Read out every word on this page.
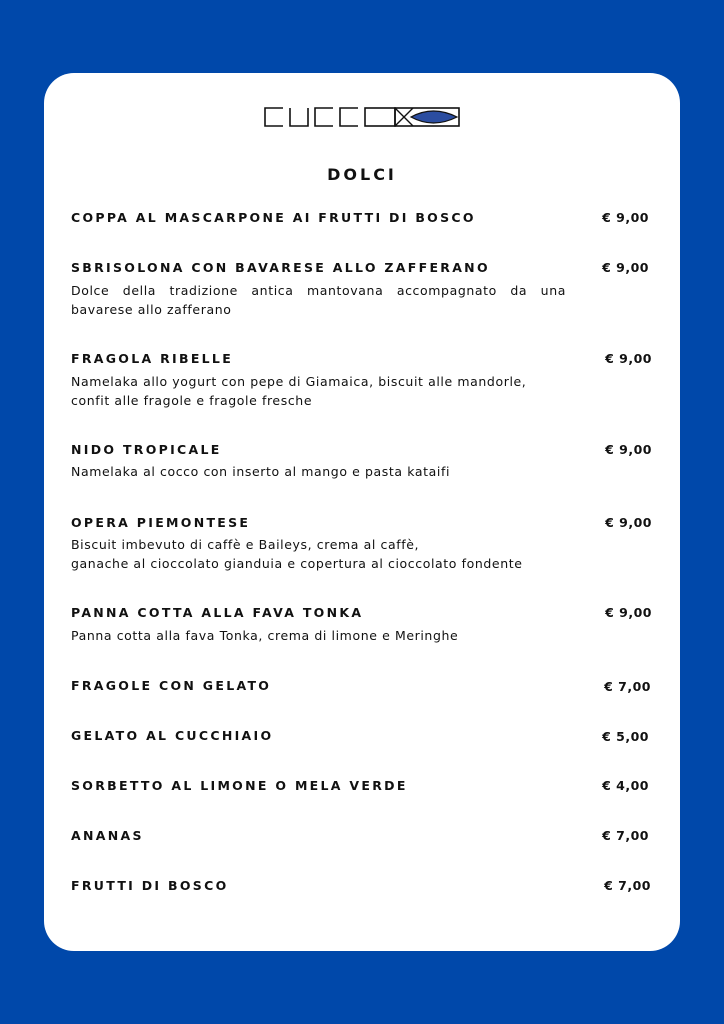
DOLCI
COPPA AL MASCARPONE AI FRUTTI DI BOSCO	€ 9,00
SBRISOLONA CON BAVARESE ALLO ZAFFERANO	€ 9,00
Dolce della tradizione antica mantovana accompagnato da una bavarese allo zafferano
FRAGOLA RIBELLE	€ 9,00
Namelaka allo yogurt con pepe di Giamaica, biscuit alle mandorle,
confit alle fragole e fragole fresche
NIDO TROPICALE	€ 9,00
Namelaka al cocco con inserto al mango e pasta kataifi
OPERA PIEMONTESE	€ 9,00
Biscuit imbevuto di caffè e Baileys, crema al caffè,
ganache al cioccolato gianduia e copertura al cioccolato fondente
PANNA COTTA ALLA FAVA TONKA	€ 9,00
Panna cotta alla fava Tonka, crema di limone e Meringhe
FRAGOLE CON GELATO	€ 7,00
GELATO AL CUCCHIAIO	€ 5,00
SORBETTO AL LIMONE O MELA VERDE	€ 4,00
ANANAS	€ 7,00
FRUTTI DI BOSCO	€ 7,00
